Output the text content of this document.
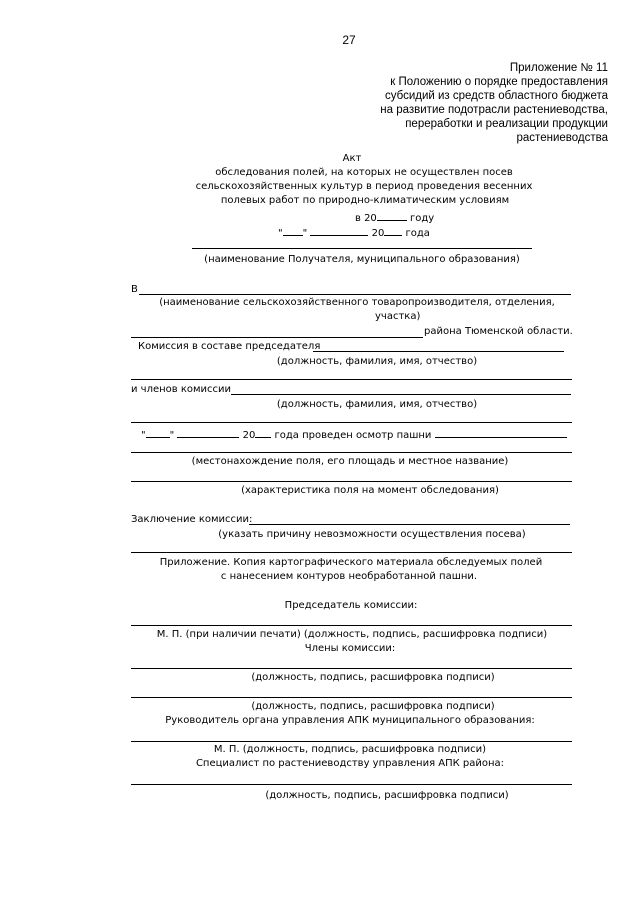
27
Приложение № 11
к Положению о порядке предоставления
субсидий из средств областного бюджета
на развитие подотрасли растениеводства,
переработки и реализации продукции
растениеводства
Акт
обследования полей, на которых не осуществлен посев
сельскохозяйственных культур в период проведения весенних
полевых работ по природно-климатическим условиям
в 20	году
" "	20 года
(наименование Получателя, муниципального образования)
В
(наименование сельскохозяйственного товаропроизводителя, отделения,
участка)
района Тюменской области.
Комиссия в составе председателя
(должность, фамилия, имя, отчество)
и членов комиссии
(должность, фамилия, имя, отчество)
" "	20 года проведен осмотр пашни
(местонахождение поля, его площадь и местное название)
(характеристика поля на момент обследования)
Заключение комиссии:
(указать причину невозможности осуществления посева)
Приложение. Копия картографического материала обследуемых полей
с нанесением контуров необработанной пашни.
Председатель комиссии:
М. П. (при наличии печати) (должность, подпись, расшифровка подписи)
Члены комиссии:
(должность, подпись, расшифровка подписи)
(должность, подпись, расшифровка подписи)
Руководитель органа управления АПК муниципального образования:
М. П. (должность, подпись, расшифровка подписи)
Специалист по растениеводству управления АПК района:
(должность, подпись, расшифровка подписи)
